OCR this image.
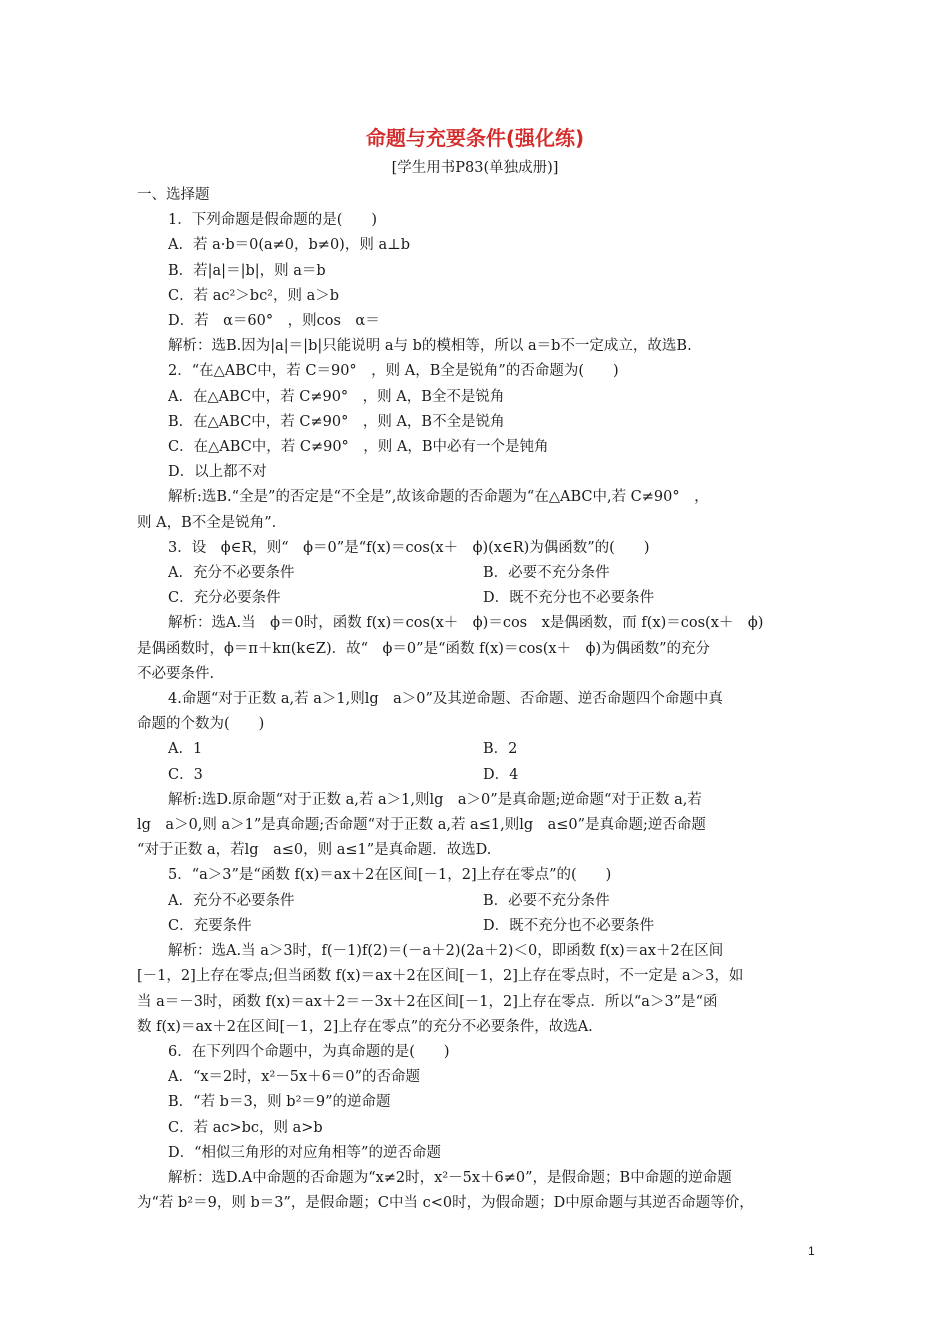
命题与充要条件(强化练)
[学生用书P83(单独成册)]
一、选择题
1．下列命题是假命题的是(　　)
A．若 a·b＝0(a≠0，b≠0)，则 a⊥b
B．若|a|＝|b|，则 a＝b
C．若 ac²＞bc²，则 a＞b
D．若　α＝60°　，则cos　α＝
解析：选B.因为|a|＝|b|只能说明 a与 b的模相等，所以 a＝b不一定成立，故选B.
2．“在△ABC中，若 C＝90°　，则 A，B全是锐角”的否命题为(　　)
A．在△ABC中，若 C≠90°　，则 A，B全不是锐角
B．在△ABC中，若 C≠90°　，则 A，B不全是锐角
C．在△ABC中，若 C≠90°　，则 A，B中必有一个是钝角
D．以上都不对
解析:选B.“全是”的否定是“不全是”,故该命题的否命题为“在△ABC中,若 C≠90°　，
则 A，B不全是锐角”.
3．设　ϕ∈R，则“　ϕ＝0”是“f(x)＝cos(x＋　ϕ)(x∈R)为偶函数”的(　　)
A．充分不必要条件	B．必要不充分条件
C．充分必要条件	D．既不充分也不必要条件
解析：选A.当　ϕ＝0时，函数 f(x)＝cos(x＋　ϕ)＝cos　x是偶函数，而 f(x)＝cos(x＋　ϕ)
是偶函数时，ϕ＝π＋kπ(k∈Z)．故“　ϕ＝0”是“函数 f(x)＝cos(x＋　ϕ)为偶函数”的充分
不必要条件.
4.命题“对于正数 a,若 a＞1,则lg　a＞0”及其逆命题、否命题、逆否命题四个命题中真
命题的个数为(　　)
A．1	B．2
C．3	D．4
解析:选D.原命题“对于正数 a,若 a＞1,则lg　a＞0”是真命题;逆命题“对于正数 a,若
lg　a＞0,则 a＞1”是真命题;否命题“对于正数 a,若 a≤1,则lg　a≤0”是真命题;逆否命题
“对于正数 a，若lg　a≤0，则 a≤1”是真命题．故选D.
5．“a＞3”是“函数 f(x)＝ax＋2在区间[－1，2]上存在零点”的(　　)
A．充分不必要条件	B．必要不充分条件
C．充要条件	D．既不充分也不必要条件
解析：选A.当 a＞3时，f(－1)f(2)＝(－a＋2)(2a＋2)＜0，即函数 f(x)＝ax＋2在区间
[－1，2]上存在零点;但当函数 f(x)＝ax＋2在区间[－1，2]上存在零点时，不一定是 a＞3，如
当 a＝－3时，函数 f(x)＝ax＋2＝－3x＋2在区间[－1，2]上存在零点．所以“a＞3”是“函
数 f(x)＝ax＋2在区间[－1，2]上存在零点”的充分不必要条件，故选A.
6．在下列四个命题中，为真命题的是(　　)
A．“x＝2时，x²－5x＋6＝0”的否命题
B．“若 b＝3，则 b²＝9”的逆命题
C．若 ac>bc，则 a>b
D．“相似三角形的对应角相等”的逆否命题
解析：选D.A中命题的否命题为“x≠2时，x²－5x＋6≠0”，是假命题；B中命题的逆命题
为“若 b²＝9，则 b＝3”，是假命题；C中当 c<0时，为假命题；D中原命题与其逆否命题等价，
1
